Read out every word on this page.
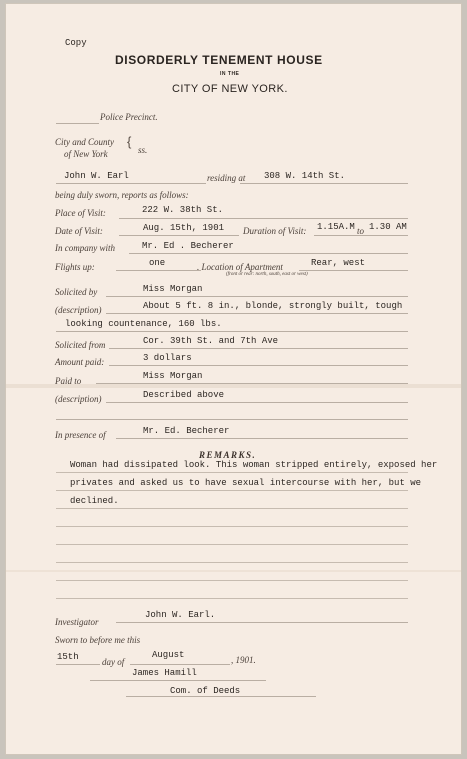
Copy
DISORDERLY TENEMENT HOUSE
IN THE
CITY OF NEW YORK.
Police Precinct.
City and County
of New York
{
ss.
John W. Earl	residing at 308 W. 14th St.
being duly sworn, reports as follows:
Place of Visit:	222 W. 38th St.
Date of Visit:	Aug. 15th, 1901 Duration of Visit: 1.15A.M to 1.30 AM
In company with	Mr. Ed . Becherer
Flights up:	one	. Location of Apartment	Rear, west
(front or rear: north, south, east or west)
Solicited by	Miss Morgan
(description)	About 5 ft. 8 in., blonde, strongly built, tough
looking countenance, 160 lbs.
Solicited from	Cor. 39th St. and 7th Ave
Amount paid:	3 dollars
Paid to	Miss Morgan
(description)	Described above
In presence of	Mr. Ed. Becherer
REMARKS.
Woman had dissipated look. This woman stripped entirely, exposed her
privates and asked us to have sexual intercourse with her, but we
declined.
John W. Earl.
Investigator
Sworn to before me this
15th	day of
August	, 1901.
James Hamill
Com. of Deeds
